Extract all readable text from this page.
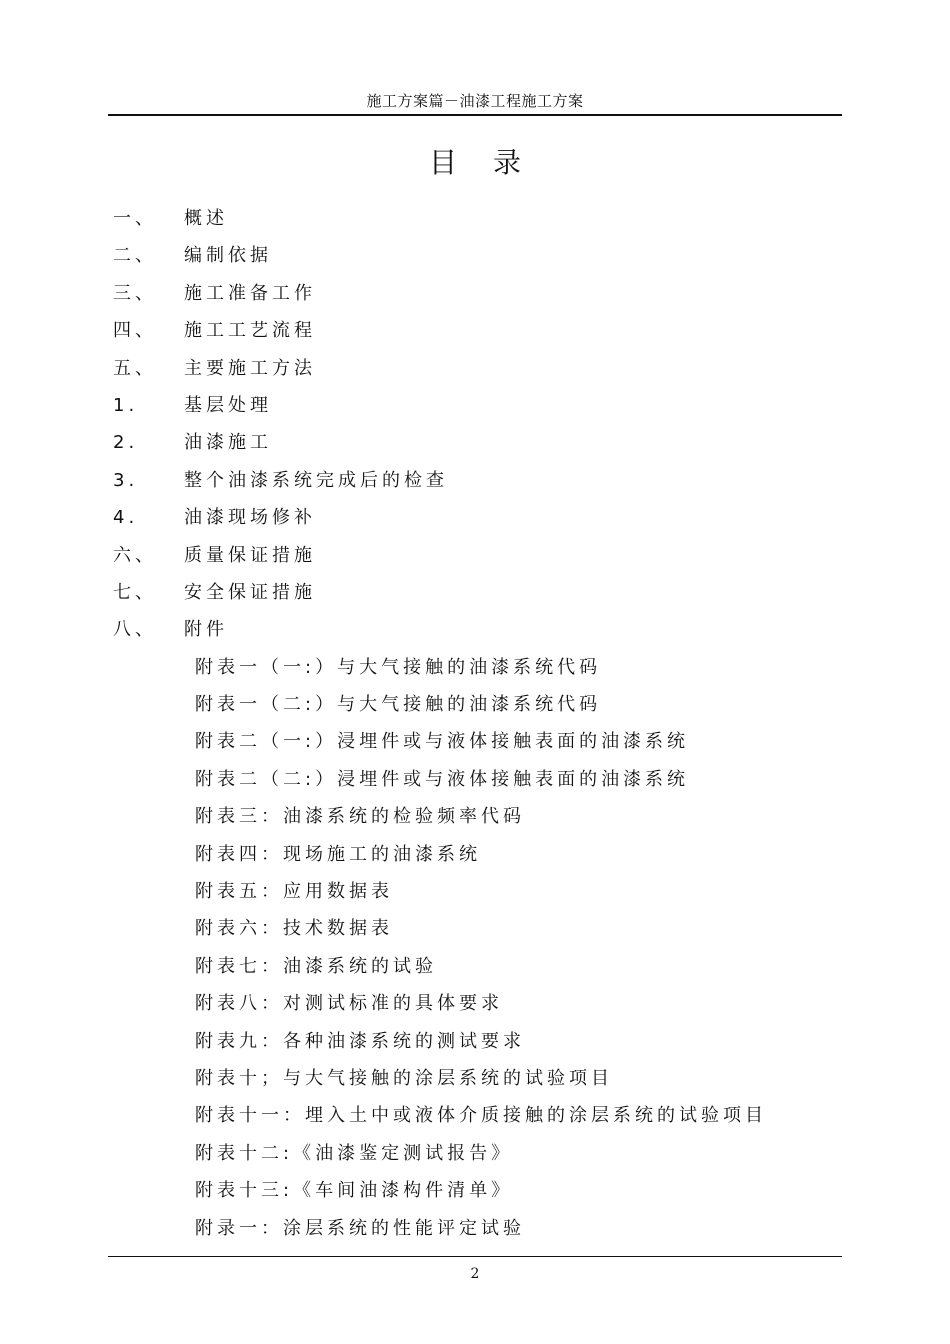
施工方案篇－油漆工程施工方案
目 录
一、 概述
二、 编制依据
三、 施工准备工作
四、 施工工艺流程
五、 主要施工方法
1.	基层处理
2.	油漆施工
3.	整个油漆系统完成后的检查
4.	油漆现场修补
六、 质量保证措施
七、 安全保证措施
八、 附件
附表一（一:）与大气接触的油漆系统代码
附表一（二:）与大气接触的油漆系统代码
附表二（一:）浸埋件或与液体接触表面的油漆系统
附表二（二:）浸埋件或与液体接触表面的油漆系统
附表三：油漆系统的检验频率代码
附表四：现场施工的油漆系统
附表五：应用数据表
附表六：技术数据表
附表七：油漆系统的试验
附表八：对测试标准的具体要求
附表九：各种油漆系统的测试要求
附表十；与大气接触的涂层系统的试验项目
附表十一：埋入土中或液体介质接触的涂层系统的试验项目
附表十二:《油漆鉴定测试报告》
附表十三:《车间油漆构件清单》
附录一：涂层系统的性能评定试验
2
